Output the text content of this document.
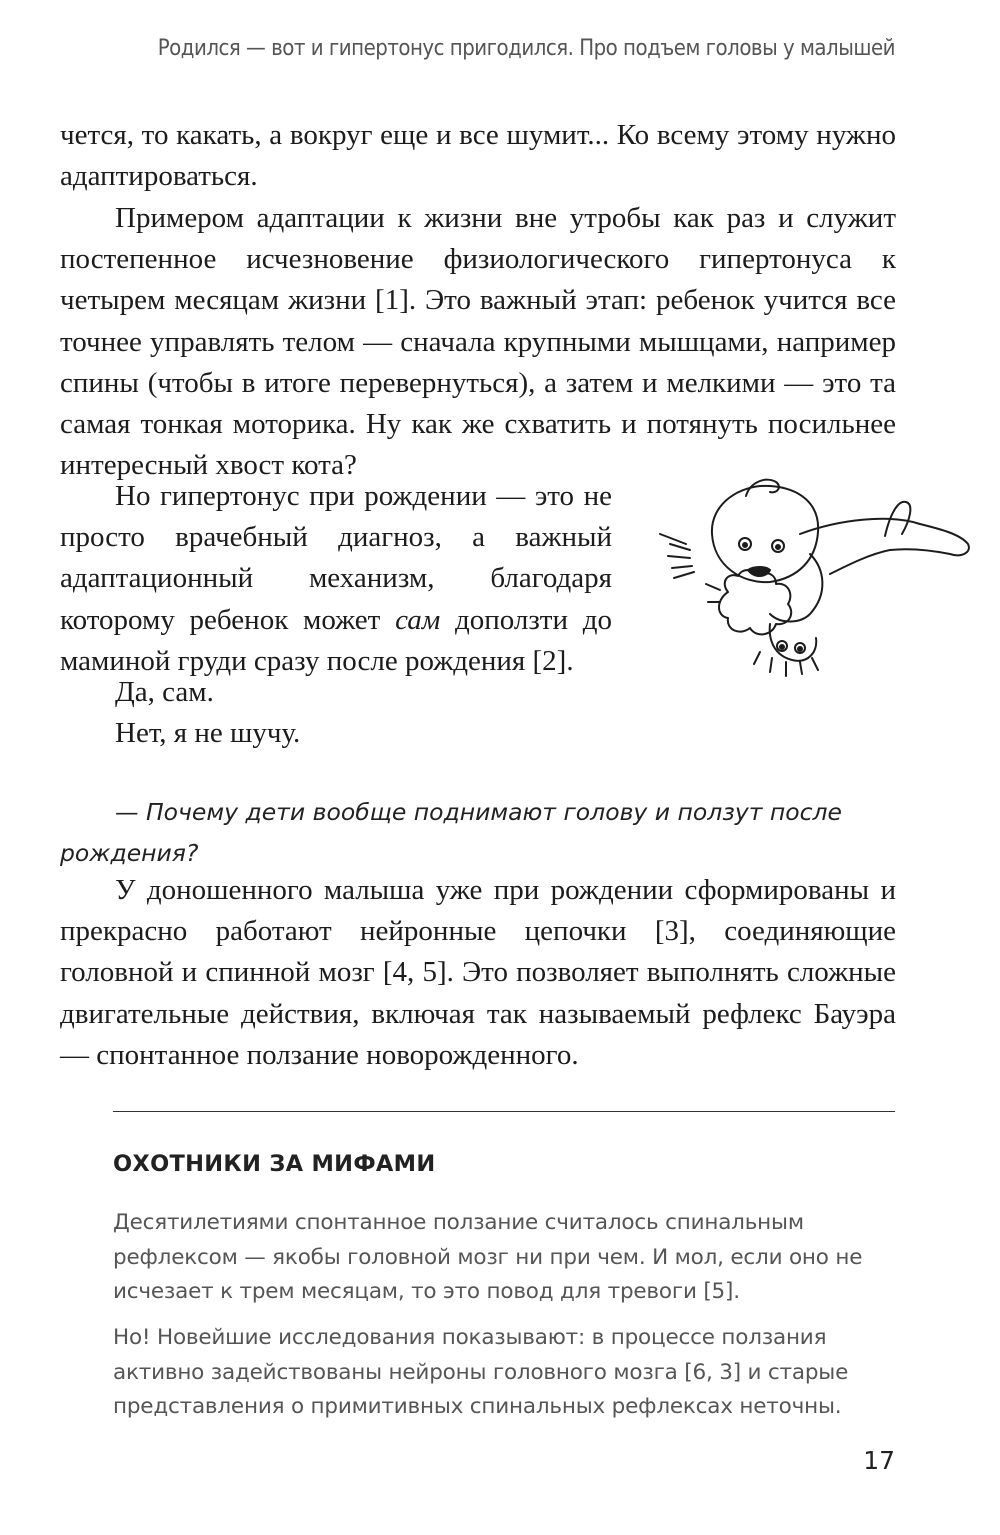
Родился — вот и гипертонус пригодился. Про подъем головы у малышей

чется, то какать, а вокруг еще и все шумит... Ко всему этому нужно адаптироваться.

Примером адаптации к жизни вне утробы как раз и служит постепенное исчезновение физиологического гипертонуса к четырем месяцам жизни [1]. Это важный этап: ребенок учится все точнее управлять телом — сначала крупными мышцами, например спины (чтобы в итоге перевернуться), а затем и мелкими — это та самая тонкая моторика. Ну как же схватить и потянуть посильнее интересный хвост кота?

Но гипертонус при рождении — это не просто врачебный диагноз, а важный адаптационный механизм, благодаря которому ребенок может сам доползти до маминой груди сразу после рождения [2].

Да, сам.

Нет, я не шучу.

— Почему дети вообще поднимают голову и ползут после рождения?

У доношенного малыша уже при рождении сформированы и прекрасно работают нейронные цепочки [3], соединяющие головной и спинной мозг [4, 5]. Это позволяет выполнять сложные двигательные действия, включая так называемый рефлекс Бауэра — спонтанное ползание новорожденного.

ОХОТНИКИ ЗА МИФАМИ
Десятилетиями спонтанное ползание считалось спинальным рефлексом — якобы головной мозг ни при чем. И мол, если оно не исчезает к трем месяцам, то это повод для тревоги [5].
Но! Новейшие исследования показывают: в процессе ползания активно задействованы нейроны головного мозга [6, 3] и старые представления о примитивных спинальных рефлексах неточны.
17
